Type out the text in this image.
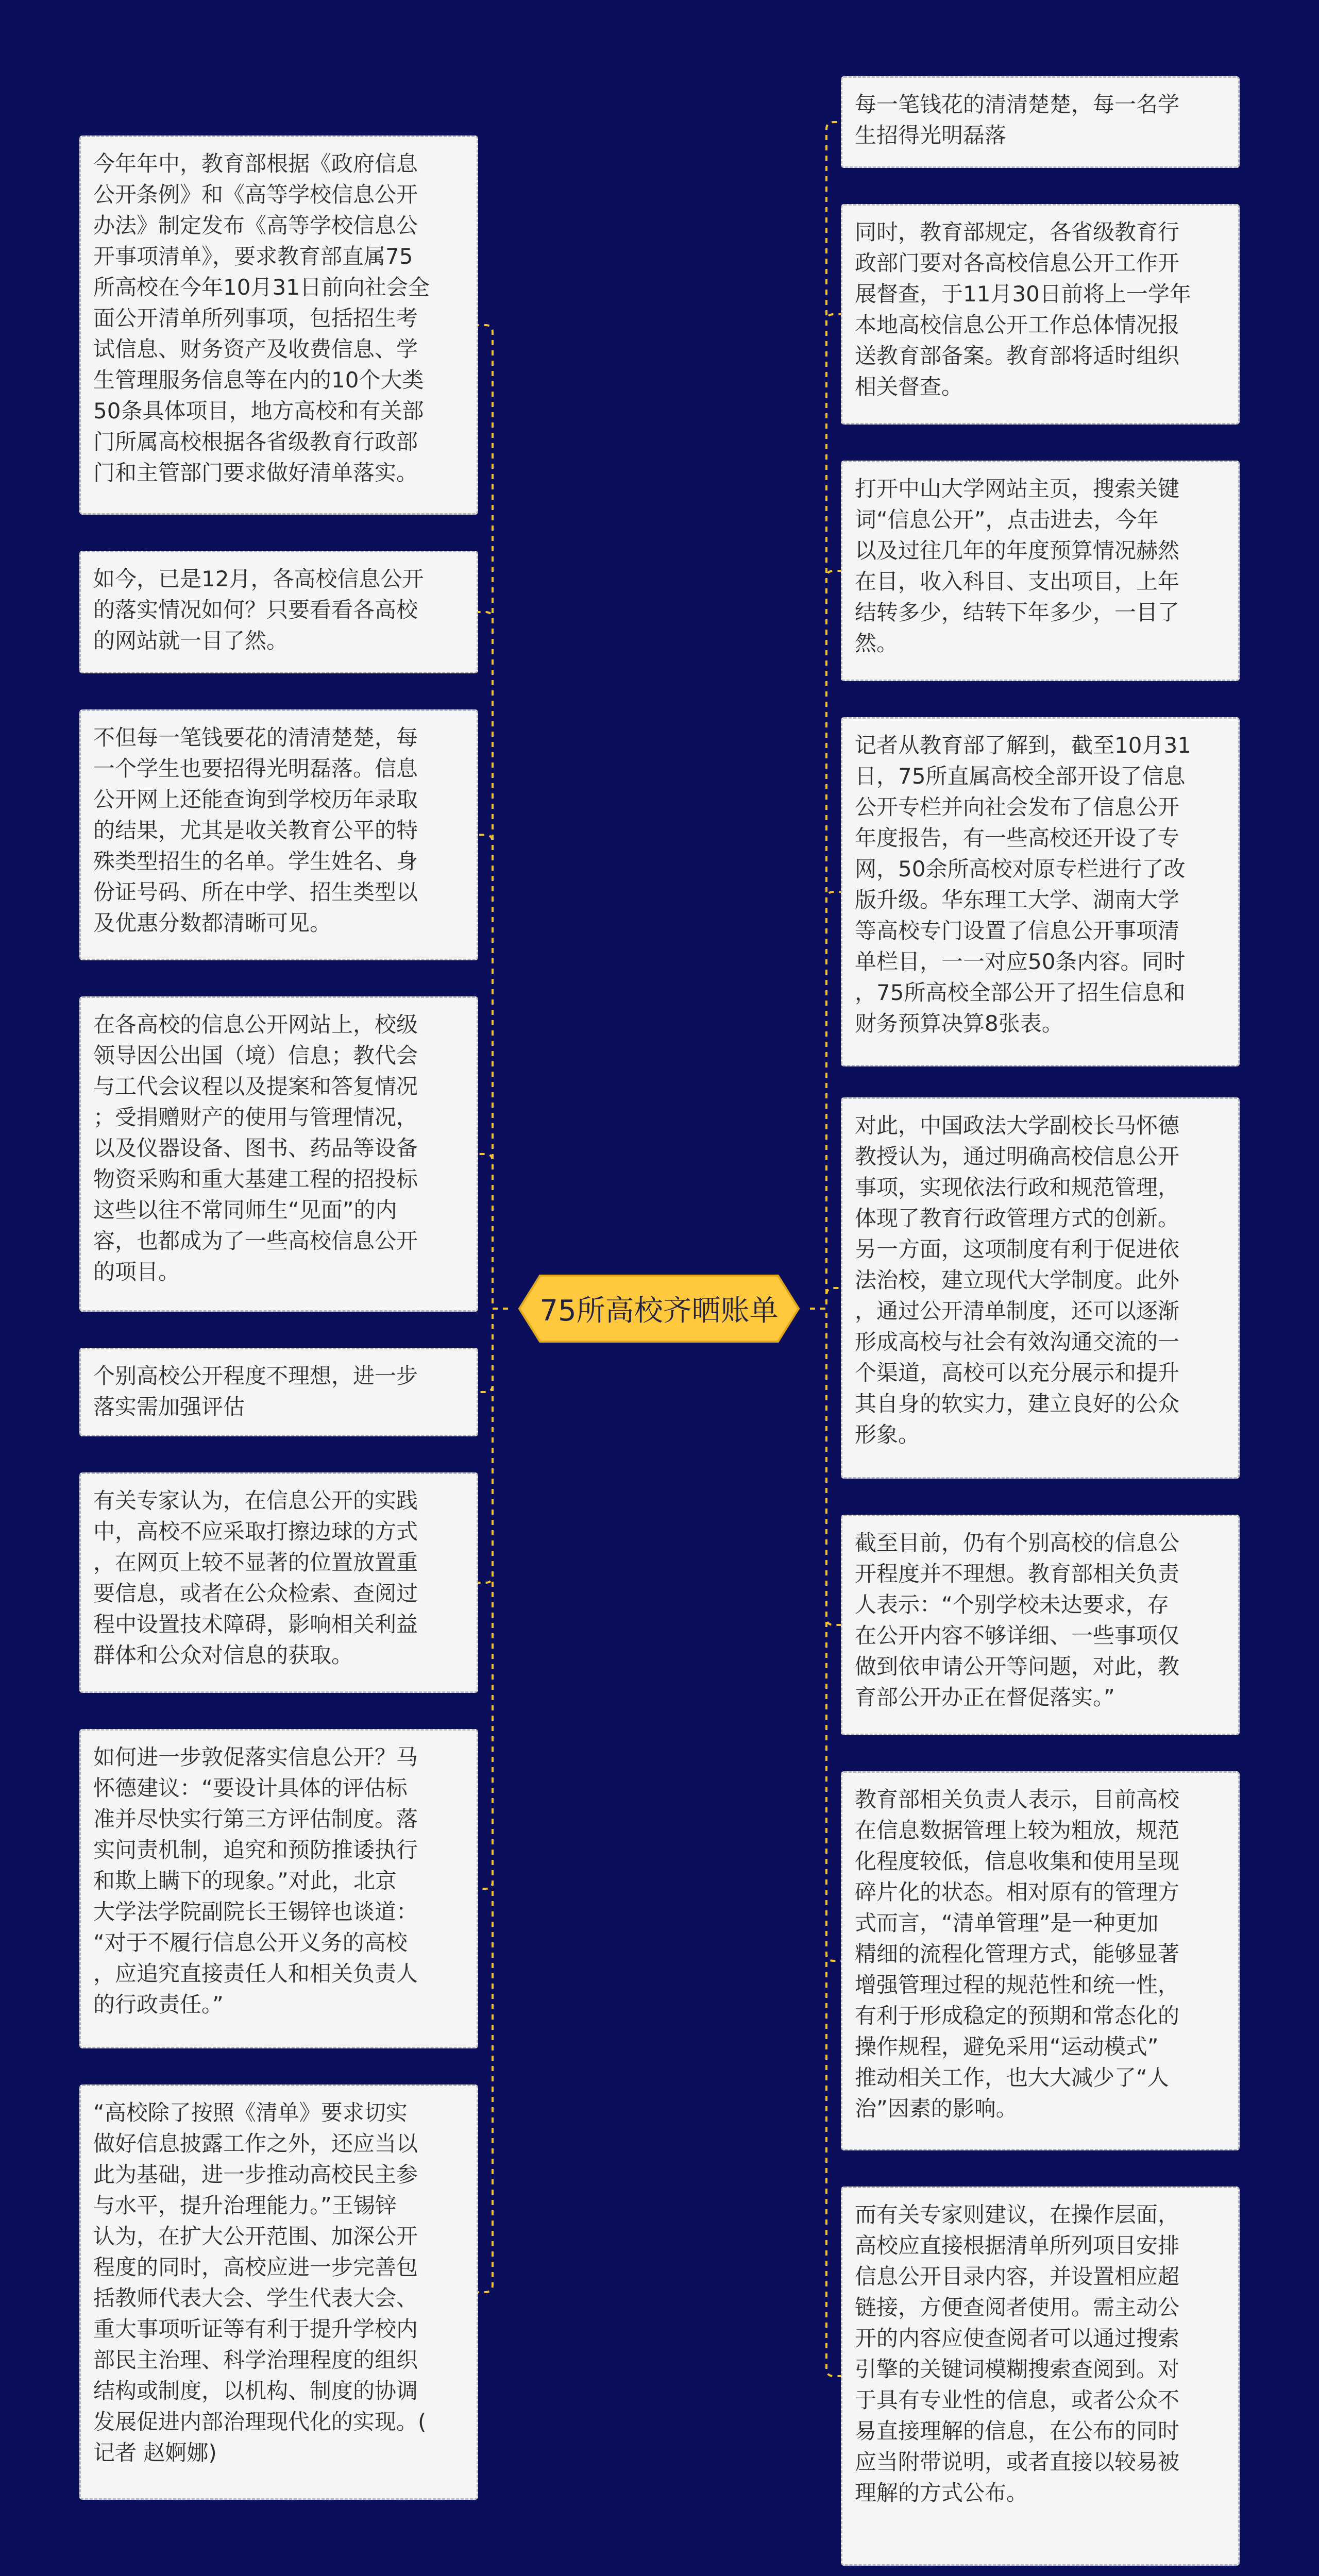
75所高校齐晒账单
今年年中，教育部根据《政府信息
公开条例》和《高等学校信息公开
办法》制定发布《高等学校信息公
开事项清单》，要求教育部直属75
所高校在今年10月31日前向社会全
面公开清单所列事项，包括招生考
试信息、财务资产及收费信息、学
生管理服务信息等在内的10个大类
50条具体项目，地方高校和有关部
门所属高校根据各省级教育行政部
门和主管部门要求做好清单落实。
如今，已是12月，各高校信息公开
的落实情况如何？只要看看各高校
的网站就一目了然。
不但每一笔钱要花的清清楚楚，每
一个学生也要招得光明磊落。信息
公开网上还能查询到学校历年录取
的结果，尤其是收关教育公平的特
殊类型招生的名单。学生姓名、身
份证号码、所在中学、招生类型以
及优惠分数都清晰可见。
在各高校的信息公开网站上，校级
领导因公出国（境）信息；教代会
与工代会议程以及提案和答复情况
；受捐赠财产的使用与管理情况，
以及仪器设备、图书、药品等设备
物资采购和重大基建工程的招投标
这些以往不常同师生“见面”的内
容，也都成为了一些高校信息公开
的项目。
个别高校公开程度不理想，进一步
落实需加强评估
有关专家认为，在信息公开的实践
中，高校不应采取打擦边球的方式
，在网页上较不显著的位置放置重
要信息，或者在公众检索、查阅过
程中设置技术障碍，影响相关利益
群体和公众对信息的获取。
如何进一步敦促落实信息公开？马
怀德建议：“要设计具体的评估标
准并尽快实行第三方评估制度。落
实问责机制，追究和预防推诿执行
和欺上瞒下的现象。”对此，北京
大学法学院副院长王锡锌也谈道：
“对于不履行信息公开义务的高校
，应追究直接责任人和相关负责人
的行政责任。”
“高校除了按照《清单》要求切实
做好信息披露工作之外，还应当以
此为基础，进一步推动高校民主参
与水平，提升治理能力。”王锡锌
认为，在扩大公开范围、加深公开
程度的同时，高校应进一步完善包
括教师代表大会、学生代表大会、
重大事项听证等有利于提升学校内
部民主治理、科学治理程度的组织
结构或制度，以机构、制度的协调
发展促进内部治理现代化的实现。(
记者 赵婀娜)
每一笔钱花的清清楚楚，每一名学
生招得光明磊落
同时，教育部规定，各省级教育行
政部门要对各高校信息公开工作开
展督查，于11月30日前将上一学年
本地高校信息公开工作总体情况报
送教育部备案。教育部将适时组织
相关督查。
打开中山大学网站主页，搜索关键
词“信息公开”，点击进去，今年
以及过往几年的年度预算情况赫然
在目，收入科目、支出项目，上年
结转多少，结转下年多少，一目了
然。
记者从教育部了解到，截至10月31
日，75所直属高校全部开设了信息
公开专栏并向社会发布了信息公开
年度报告，有一些高校还开设了专
网，50余所高校对原专栏进行了改
版升级。华东理工大学、湖南大学
等高校专门设置了信息公开事项清
单栏目，一一对应50条内容。同时
，75所高校全部公开了招生信息和
财务预算决算8张表。
对此，中国政法大学副校长马怀德
教授认为，通过明确高校信息公开
事项，实现依法行政和规范管理，
体现了教育行政管理方式的创新。
另一方面，这项制度有利于促进依
法治校，建立现代大学制度。此外
，通过公开清单制度，还可以逐渐
形成高校与社会有效沟通交流的一
个渠道，高校可以充分展示和提升
其自身的软实力，建立良好的公众
形象。
截至目前，仍有个别高校的信息公
开程度并不理想。教育部相关负责
人表示：“个别学校未达要求，存
在公开内容不够详细、一些事项仅
做到依申请公开等问题，对此，教
育部公开办正在督促落实。”
教育部相关负责人表示，目前高校
在信息数据管理上较为粗放，规范
化程度较低，信息收集和使用呈现
碎片化的状态。相对原有的管理方
式而言，“清单管理”是一种更加
精细的流程化管理方式，能够显著
增强管理过程的规范性和统一性，
有利于形成稳定的预期和常态化的
操作规程，避免采用“运动模式”
推动相关工作，也大大减少了“人
治”因素的影响。
而有关专家则建议，在操作层面，
高校应直接根据清单所列项目安排
信息公开目录内容，并设置相应超
链接，方便查阅者使用。需主动公
开的内容应使查阅者可以通过搜索
引擎的关键词模糊搜索查阅到。对
于具有专业性的信息，或者公众不
易直接理解的信息，在公布的同时
应当附带说明，或者直接以较易被
理解的方式公布。
